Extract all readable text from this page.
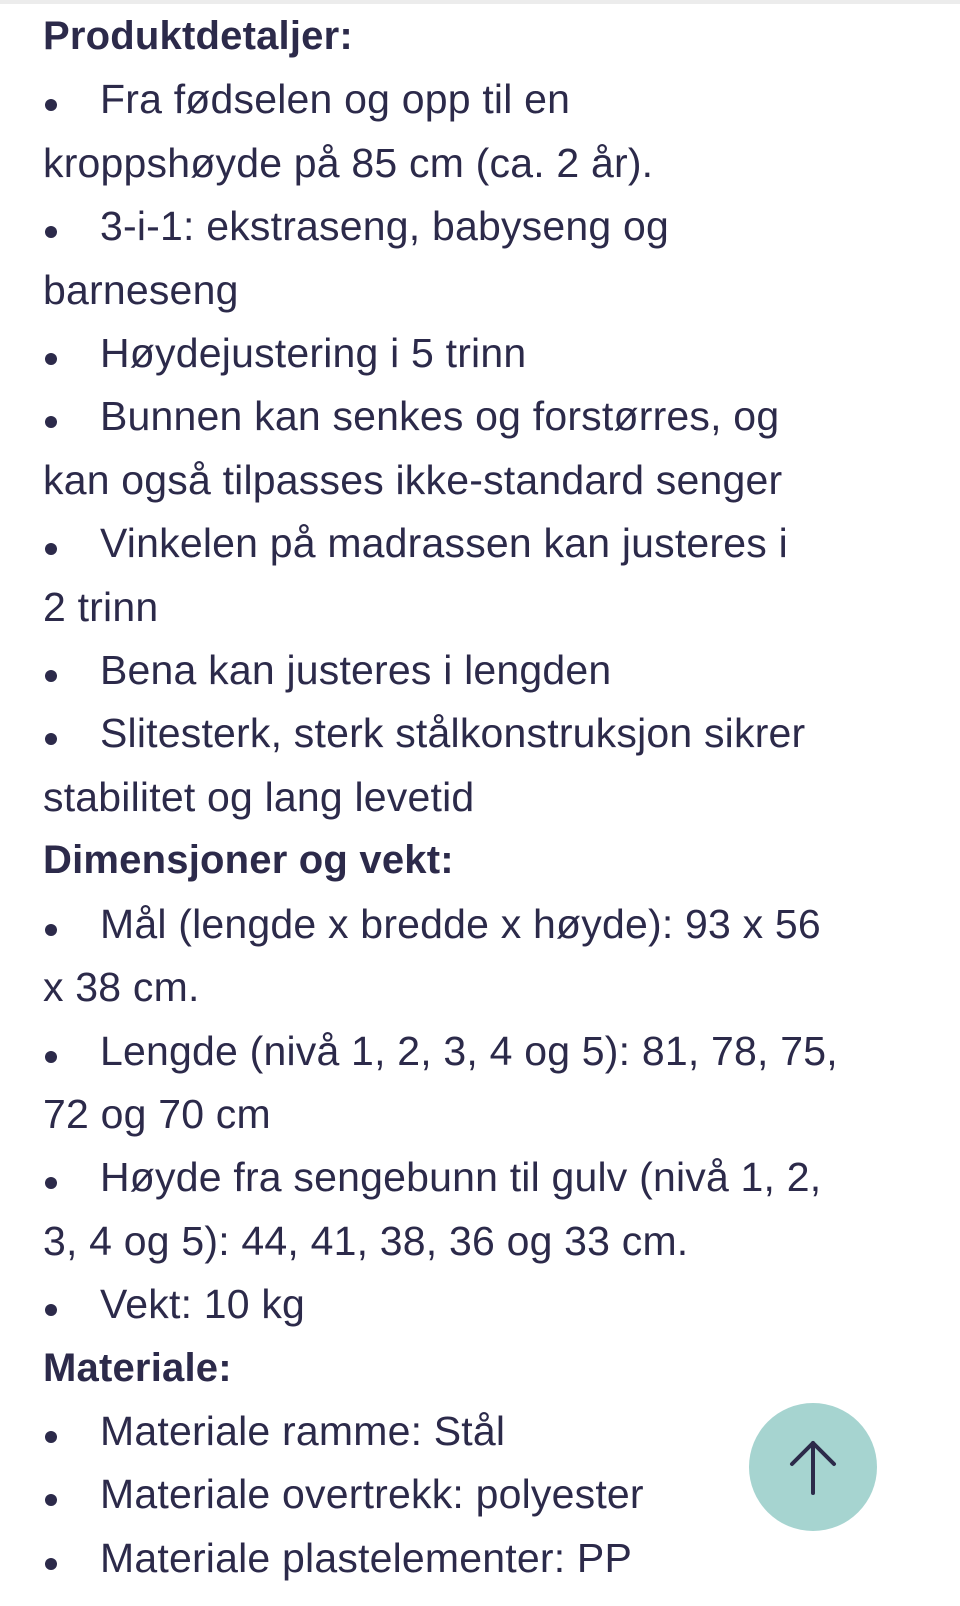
Produktdetaljer:

Fra fødselen og opp til en

kroppshøyde på 85 cm (ca. 2 år).

3-i-1: ekstraseng, babyseng og

barneseng

Høydejustering i 5 trinn

Bunnen kan senkes og forstørres, og

kan også tilpasses ikke-standard senger

Vinkelen på madrassen kan justeres i

2 trinn

Bena kan justeres i lengden

Slitesterk, sterk stålkonstruksjon sikrer

stabilitet og lang levetid

Dimensjoner og vekt:

Mål (lengde x bredde x høyde): 93 x 56

x 38 cm.

Lengde (nivå 1, 2, 3, 4 og 5): 81, 78, 75,

72 og 70 cm

Høyde fra sengebunn til gulv (nivå 1, 2,

3, 4 og 5): 44, 41, 38, 36 og 33 cm.

Vekt: 10 kg

Materiale:

Materiale ramme: Stål

Materiale overtrekk: polyester

Materiale plastelementer: PP
